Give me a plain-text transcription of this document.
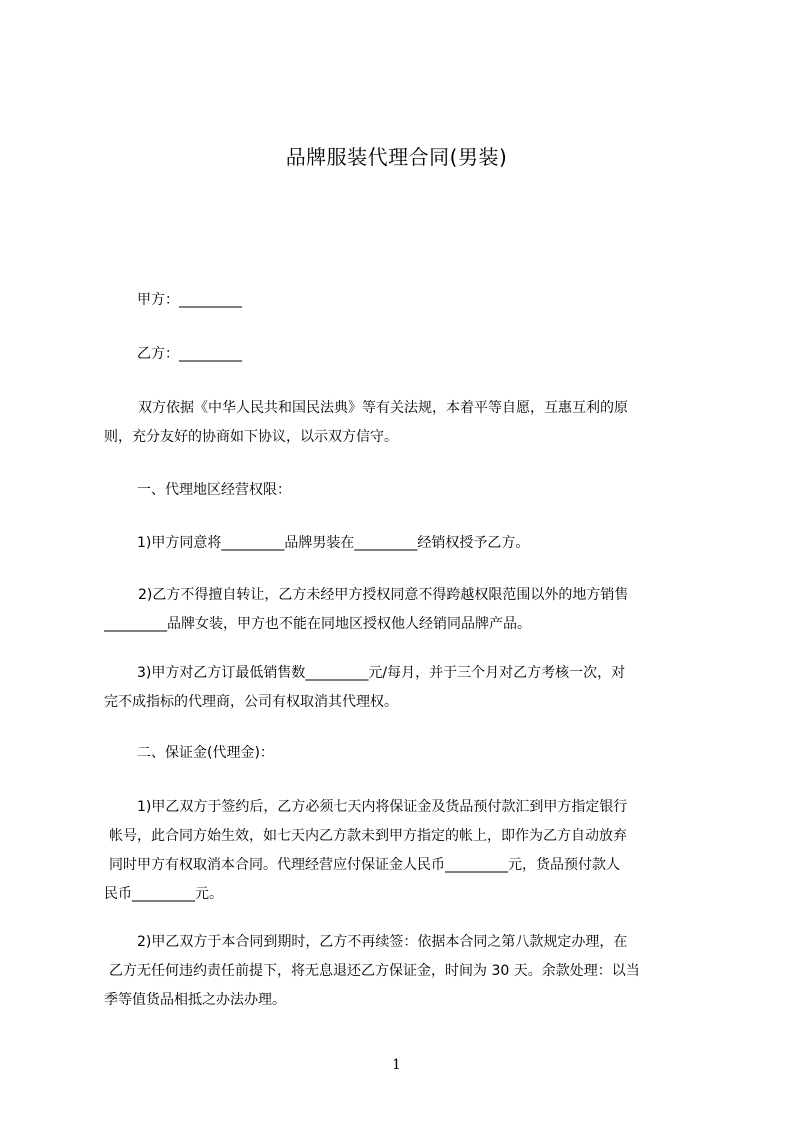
品牌服装代理合同(男装)
甲方：_________
乙方：_________
　双方依据《中华人民共和国民法典》等有关法规，本着平等自愿，互惠互利的原
则，充分友好的协商如下协议，以示双方信守。
一、代理地区经营权限：
1)甲方同意将_________品牌男装在_________经销权授予乙方。
2)乙方不得擅自转让，乙方未经甲方授权同意不得跨越权限范围以外的地方销售
_________品牌女装，甲方也不能在同地区授权他人经销同品牌产品。
3)甲方对乙方订最低销售数_________元/每月，并于三个月对乙方考核一次，对
完不成指标的代理商，公司有权取消其代理权。
二、保证金(代理金)：
1)甲乙双方于签约后，乙方必须七天内将保证金及货品预付款汇到甲方指定银行
帐号，此合同方始生效，如七天内乙方款未到甲方指定的帐上，即作为乙方自动放弃
同时甲方有权取消本合同。代理经营应付保证金人民币_________元，货品预付款人
民币_________元。
2)甲乙双方于本合同到期时，乙方不再续签：依据本合同之第八款规定办理，在
乙方无任何违约责任前提下，将无息退还乙方保证金，时间为 30 天。余款处理：以当
季等值货品相抵之办法办理。
1
